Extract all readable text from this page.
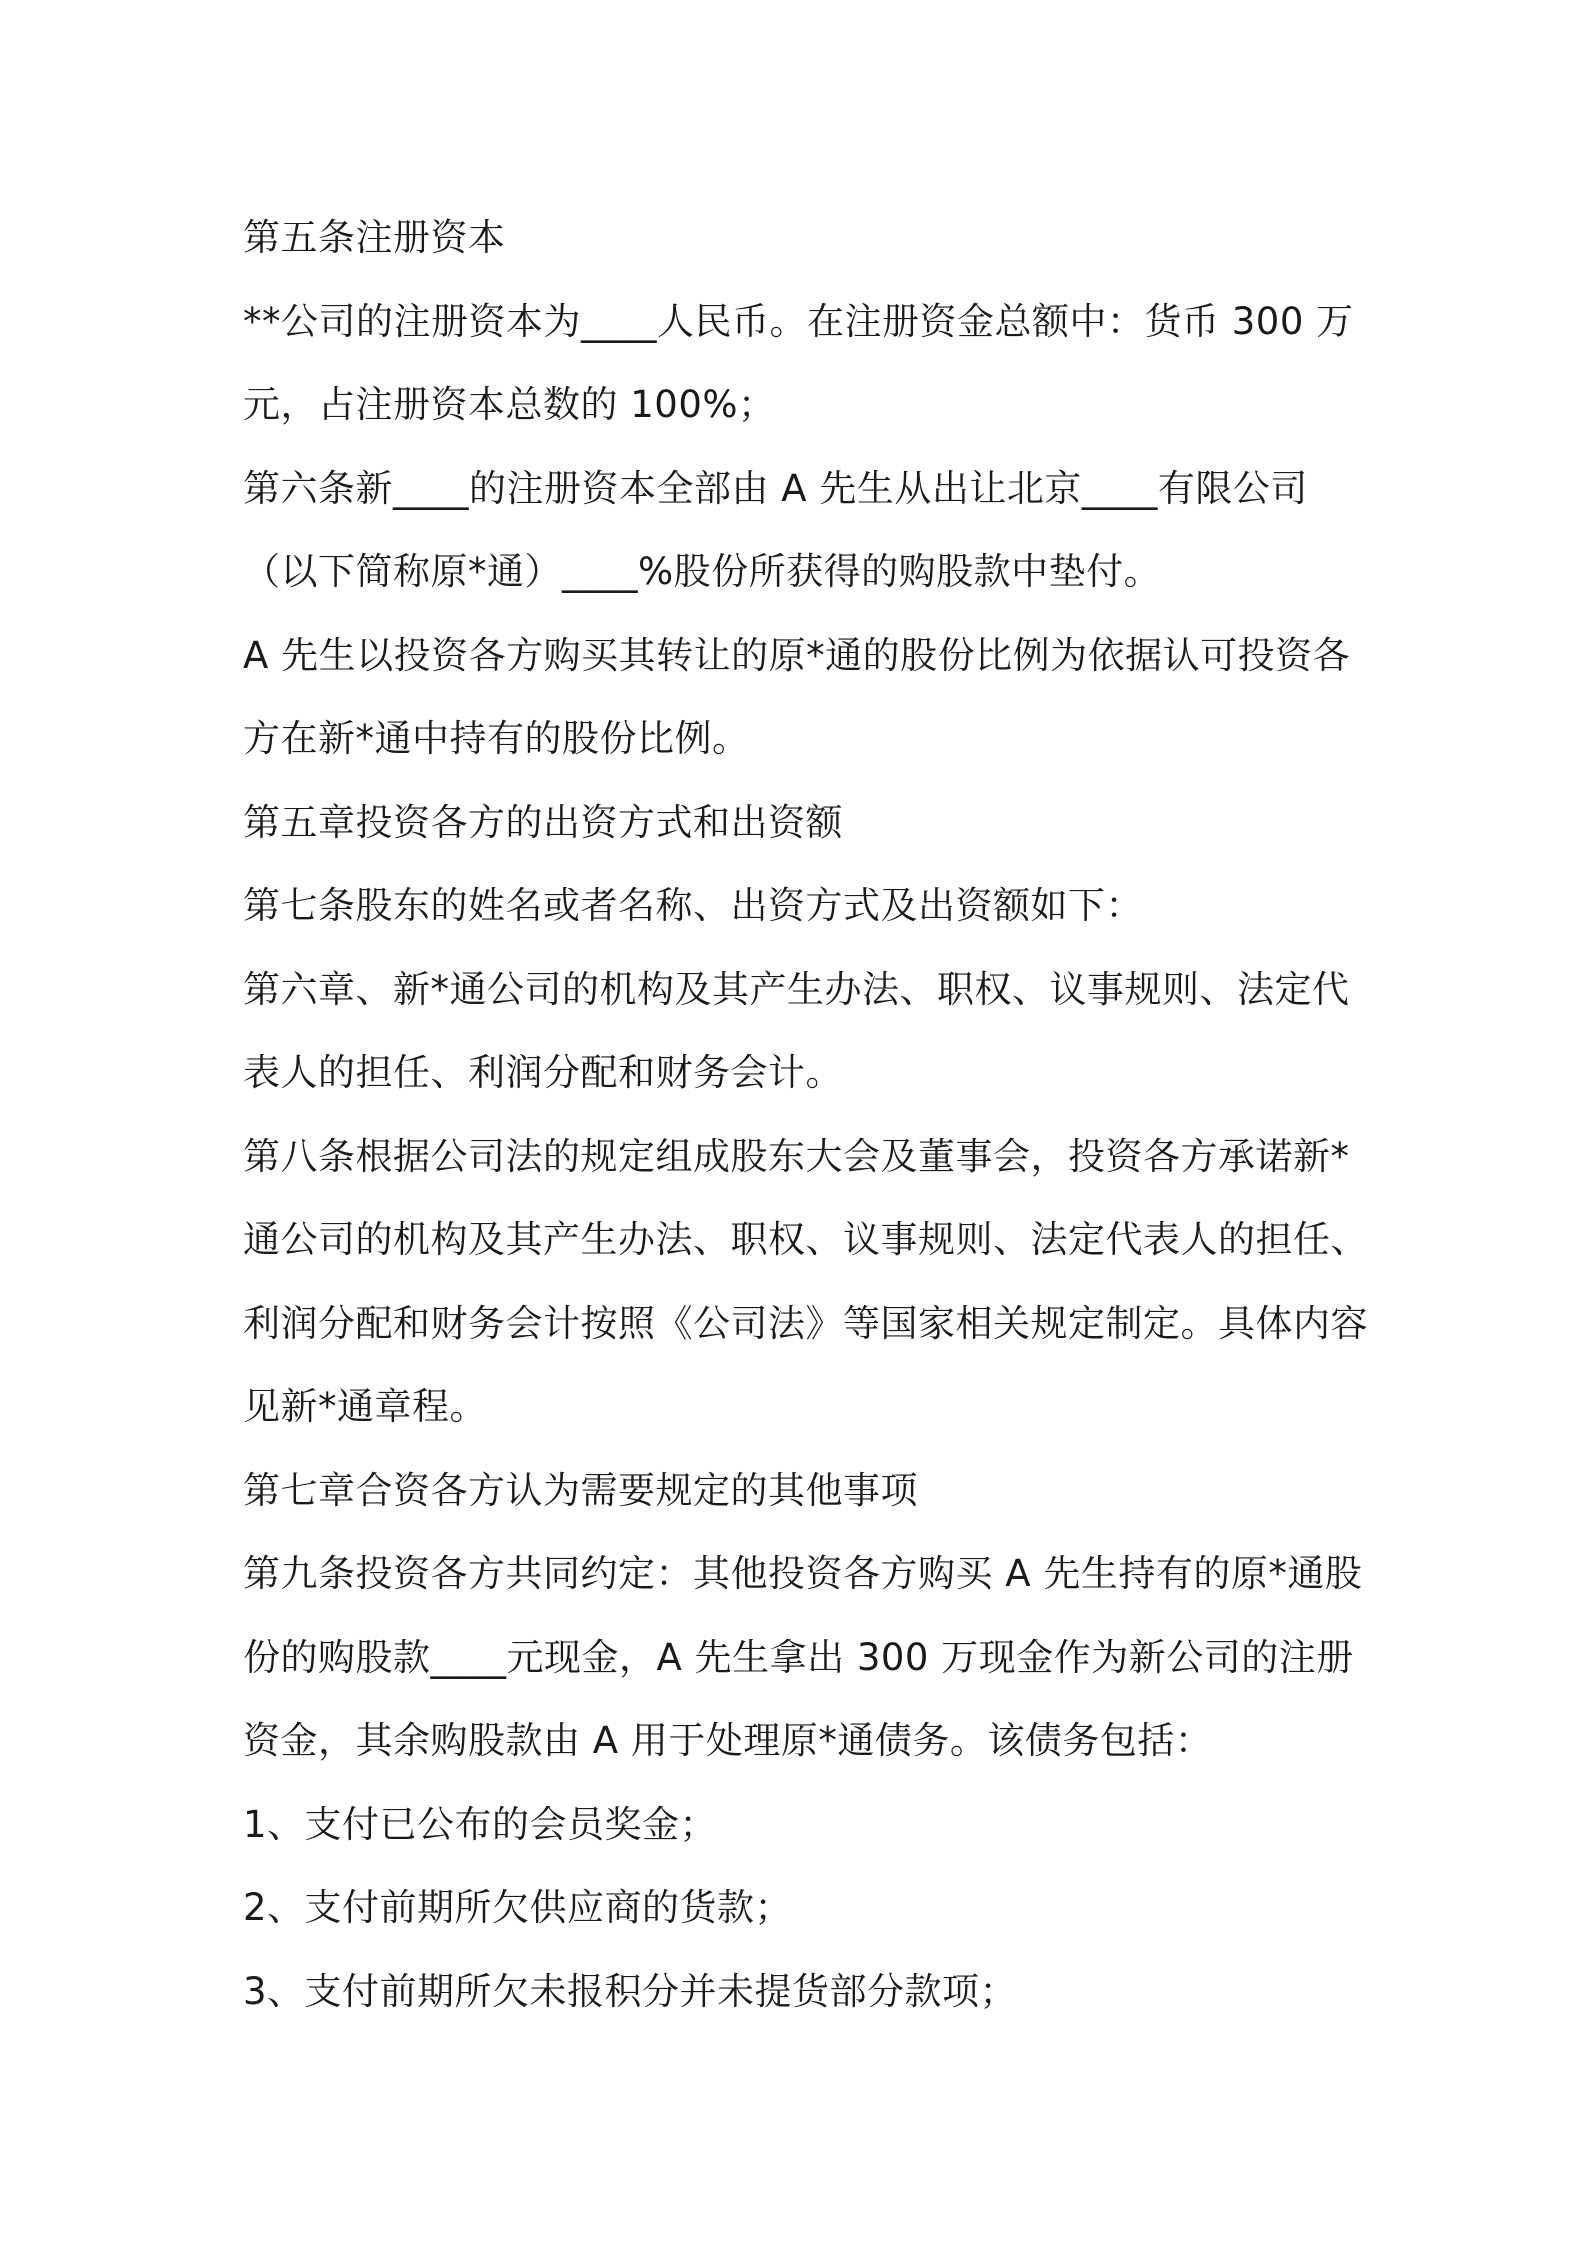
第五条注册资本
**公司的注册资本为____人民币。在注册资金总额中：货币 300 万
元，占注册资本总数的 100%；
第六条新____的注册资本全部由 A 先生从出让北京____有限公司
（以下简称原*通）____%股份所获得的购股款中垫付。
A 先生以投资各方购买其转让的原*通的股份比例为依据认可投资各
方在新*通中持有的股份比例。
第五章投资各方的出资方式和出资额
第七条股东的姓名或者名称、出资方式及出资额如下：
第六章、新*通公司的机构及其产生办法、职权、议事规则、法定代
表人的担任、利润分配和财务会计。
第八条根据公司法的规定组成股东大会及董事会，投资各方承诺新*
通公司的机构及其产生办法、职权、议事规则、法定代表人的担任、
利润分配和财务会计按照《公司法》等国家相关规定制定。具体内容
见新*通章程。
第七章合资各方认为需要规定的其他事项
第九条投资各方共同约定：其他投资各方购买 A 先生持有的原*通股
份的购股款____元现金，A 先生拿出 300 万现金作为新公司的注册
资金，其余购股款由 A 用于处理原*通债务。该债务包括：
1、支付已公布的会员奖金；
2、支付前期所欠供应商的货款；
3、支付前期所欠未报积分并未提货部分款项；
